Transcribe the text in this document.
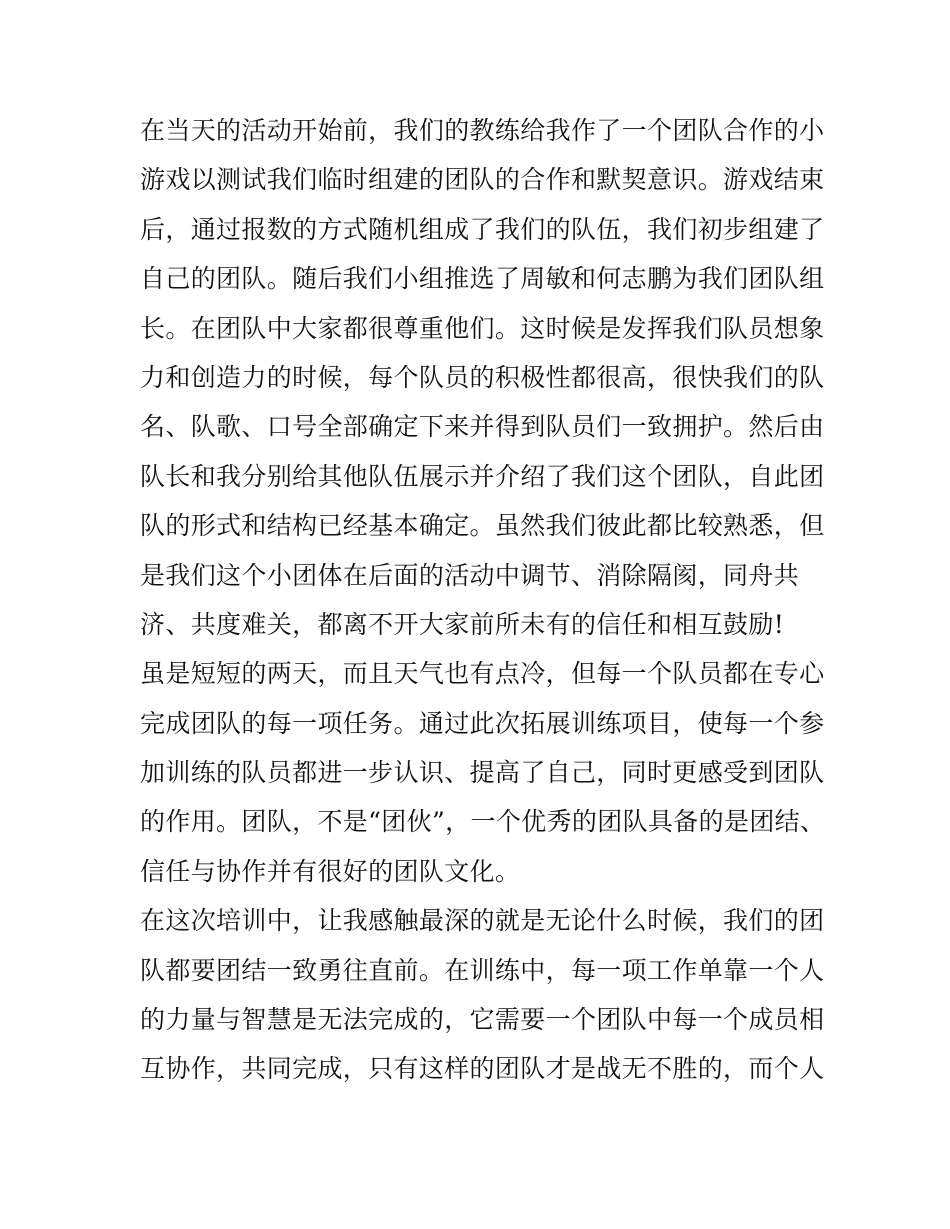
在当天的活动开始前，我们的教练给我作了一个团队合作的小
游戏以测试我们临时组建的团队的合作和默契意识。游戏结束
后，通过报数的方式随机组成了我们的队伍，我们初步组建了
自己的团队。随后我们小组推选了周敏和何志鹏为我们团队组
长。在团队中大家都很尊重他们。这时候是发挥我们队员想象
力和创造力的时候，每个队员的积极性都很高，很快我们的队
名、队歌、口号全部确定下来并得到队员们一致拥护。然后由
队长和我分别给其他队伍展示并介绍了我们这个团队，自此团
队的形式和结构已经基本确定。虽然我们彼此都比较熟悉，但
是我们这个小团体在后面的活动中调节、消除隔阂，同舟共
济、共度难关，都离不开大家前所未有的信任和相互鼓励!
虽是短短的两天，而且天气也有点冷，但每一个队员都在专心
完成团队的每一项任务。通过此次拓展训练项目，使每一个参
加训练的队员都进一步认识、提高了自己，同时更感受到团队
的作用。团队，不是“团伙”，一个优秀的团队具备的是团结、
信任与协作并有很好的团队文化。
在这次培训中，让我感触最深的就是无论什么时候，我们的团
队都要团结一致勇往直前。在训练中，每一项工作单靠一个人
的力量与智慧是无法完成的，它需要一个团队中每一个成员相
互协作，共同完成，只有这样的团队才是战无不胜的，而个人
